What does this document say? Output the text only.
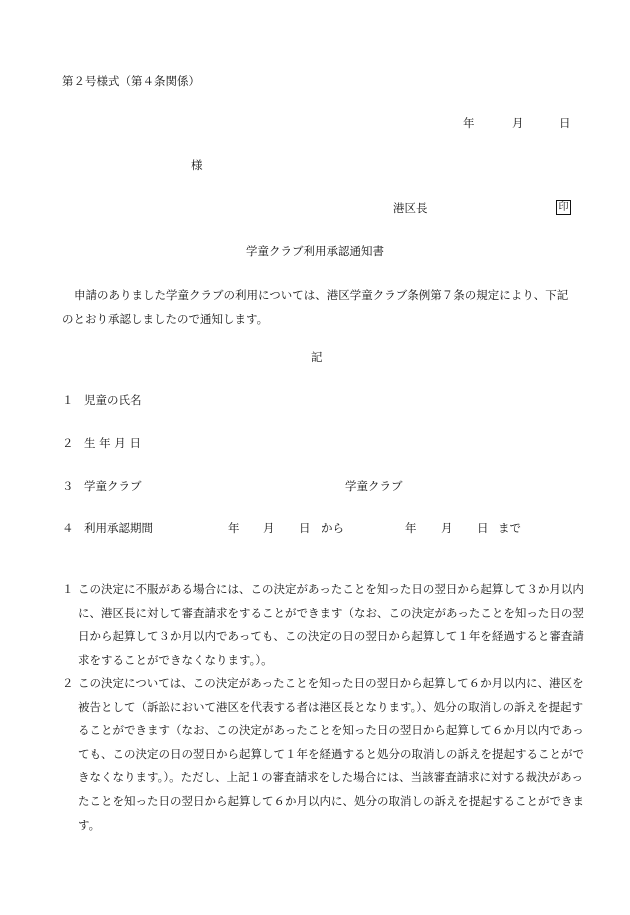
第２号様式（第４条関係）
年	月	日
様
港区長	印
学童クラブ利用承認通知書
申請のありました学童クラブの利用については、港区学童クラブ条例第７条の規定により、下記のとおり承認しましたので通知します。
記
１ 児童の氏名
２ 生 年 月 日
３ 学童クラブ	学童クラブ
４ 利用承認期間	年 月 日 から	年 月 日 まで
１ この決定に不服がある場合には、この決定があったことを知った日の翌日から起算して３か月以内に、港区長に対して審査請求をすることができます（なお、この決定があったことを知った日の翌日から起算して３か月以内であっても、この決定の日の翌日から起算して１年を経過すると審査請求をすることができなくなります。）。
２ この決定については、この決定があったことを知った日の翌日から起算して６か月以内に、港区を被告として（訴訟において港区を代表する者は港区長となります。）、処分の取消しの訴えを提起することができます（なお、この決定があったことを知った日の翌日から起算して６か月以内であっても、この決定の日の翌日から起算して１年を経過すると処分の取消しの訴えを提起することができなくなります。）。ただし、上記１の審査請求をした場合には、当該審査請求に対する裁決があったことを知った日の翌日から起算して６か月以内に、処分の取消しの訴えを提起することができます。
